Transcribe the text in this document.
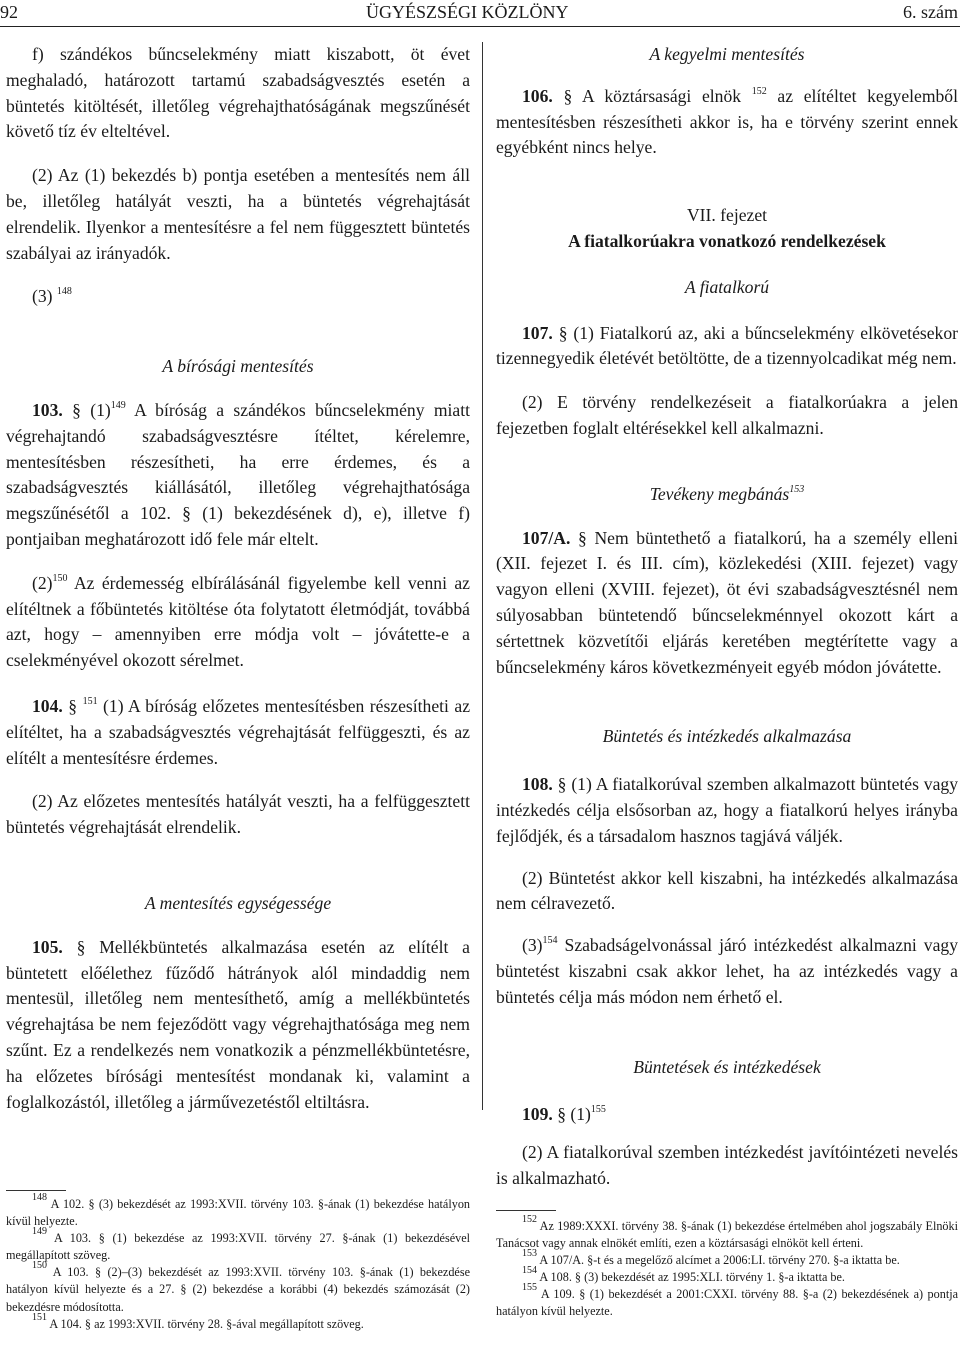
92	ÜGYÉSZSÉGI KÖZLÖNY	6. szám

f) szándékos bűncselekmény miatt kiszabott, öt évet meghaladó, határozott tartamú szabadságvesztés esetén a büntetés kitöltését, illetőleg végrehajthatóságának megszűnését követő tíz év elteltével.

(2) Az (1) bekezdés b) pontja esetében a mentesítés nem áll be, illetőleg hatályát veszti, ha a büntetés végrehajtását elrendelik. Ilyenkor a mentesítésre a fel nem függesztett büntetés szabályai az irányadók.

(3) $^{148}$

A bírósági mentesítés

103. § $(1)^{149}$ A bíróság a szándékos bűncselekmény miatt végrehajtandó szabadságvesztésre ítéltet, kérelemre, mentesítésben részesítheti, ha erre érdemes, és a szabadságvesztés kiállásától, illetőleg végrehajthatósága megszűnésétől a 102. § (1) bekezdésének d), e), illetve f) pontjaiban meghatározott idő fele már eltelt.

$(2)^{150}$ Az érdemesség elbírálásánál figyelembe kell venni az elítéltnek a főbüntetés kitöltése óta folytatott életmódját, továbbá azt, hogy – amennyiben erre módja volt – jóvátette-e a cselekményével okozott sérelmet.

104. § $^{151}$ (1) A bíróság előzetes mentesítésben részesítheti az elítéltet, ha a szabadságvesztés végrehajtását felfüggeszti, és az elítélt a mentesítésre érdemes.

(2) Az előzetes mentesítés hatályát veszti, ha a felfüggesztett büntetés végrehajtását elrendelik.

A mentesítés egységessége

105. § Mellékbüntetés alkalmazása esetén az elítélt a büntetett előélethez fűződő hátrányok alól mindaddig nem mentesül, illetőleg nem mentesíthető, amíg a mellékbüntetés végrehajtása be nem fejeződött vagy végrehajthatósága meg nem szűnt. Ez a rendelkezés nem vonatkozik a pénzmellékbüntetésre, ha előzetes bírósági mentesítést mondanak ki, valamint a foglalkozástól, illetőleg a járművezetéstől eltiltásra.

A kegyelmi mentesítés

106. § A köztársasági elnök $^{152}$ az elítéltet kegyelemből mentesítésben részesítheti akkor is, ha e törvény szerint ennek egyébként nincs helye.

VII. fejezet

A fiatalkorúakra vonatkozó rendelkezések

A fiatalkorú

107. § (1) Fiatalkorú az, aki a bűncselekmény elkövetésekor tizennegyedik életévét betöltötte, de a tizennyolcadikat még nem.

(2) E törvény rendelkezéseit a fiatalkorúakra a jelen fejezetben foglalt eltérésekkel kell alkalmazni.

Tevékeny megbánás$^{153}$

107/A. § Nem büntethető a fiatalkorú, ha a személy elleni (XII. fejezet I. és III. cím), közlekedési (XIII. fejezet) vagy vagyon elleni (XVIII. fejezet), öt évi szabadságvesztésnél nem súlyosabban büntetendő bűncselekménnyel okozott kárt a sértettnek közvetítői eljárás keretében megtérítette vagy a bűncselekmény káros következményeit egyéb módon jóvátette.

Büntetés és intézkedés alkalmazása

108. § (1) A fiatalkorúval szemben alkalmazott büntetés vagy intézkedés célja elsősorban az, hogy a fiatalkorú helyes irányba fejlődjék, és a társadalom hasznos tagjává váljék.

(2) Büntetést akkor kell kiszabni, ha intézkedés alkalmazása nem célravezető.

$(3)^{154}$ Szabadságelvonással járó intézkedést alkalmazni vagy büntetést kiszabni csak akkor lehet, ha az intézkedés vagy a büntetés célja más módon nem érhető el.

Büntetések és intézkedések

109. § $(1)^{155}$

(2) A fiatalkorúval szemben intézkedést javítóintézeti nevelés is alkalmazható.

$^{148}$ A 102. § (3) bekezdését az 1993:XVII. törvény 103. §-ának (1) bekezdése hatályon kívül helyezte.

$^{149}$ A 103. § (1) bekezdése az 1993:XVII. törvény 27. §-ának (1) bekezdésével megállapított szöveg.

$^{150}$ A 103. § (2)–(3) bekezdését az 1993:XVII. törvény 103. §-ának (1) bekezdése hatályon kívül helyezte és a 27. § (2) bekezdése a korábbi (4) bekezdés számozását (2) bekezdésre módosította.

$^{151}$ A 104. § az 1993:XVII. törvény 28. §-ával megállapított szöveg.

$^{152}$ Az 1989:XXXI. törvény 38. §-ának (1) bekezdése értelmében ahol jogszabály Elnöki Tanácsot vagy annak elnökét említi, ezen a köztársasági elnököt kell érteni.

$^{153}$ A 107/A. §-t és a megelőző alcímet a 2006:LI. törvény 270. §-a iktatta be.

$^{154}$ A 108. § (3) bekezdését az 1995:XLI. törvény 1. §-a iktatta be.

$^{155}$ A 109. § (1) bekezdését a 2001:CXXI. törvény 88. §-a (2) bekezdésének a) pontja hatályon kívül helyezte.
